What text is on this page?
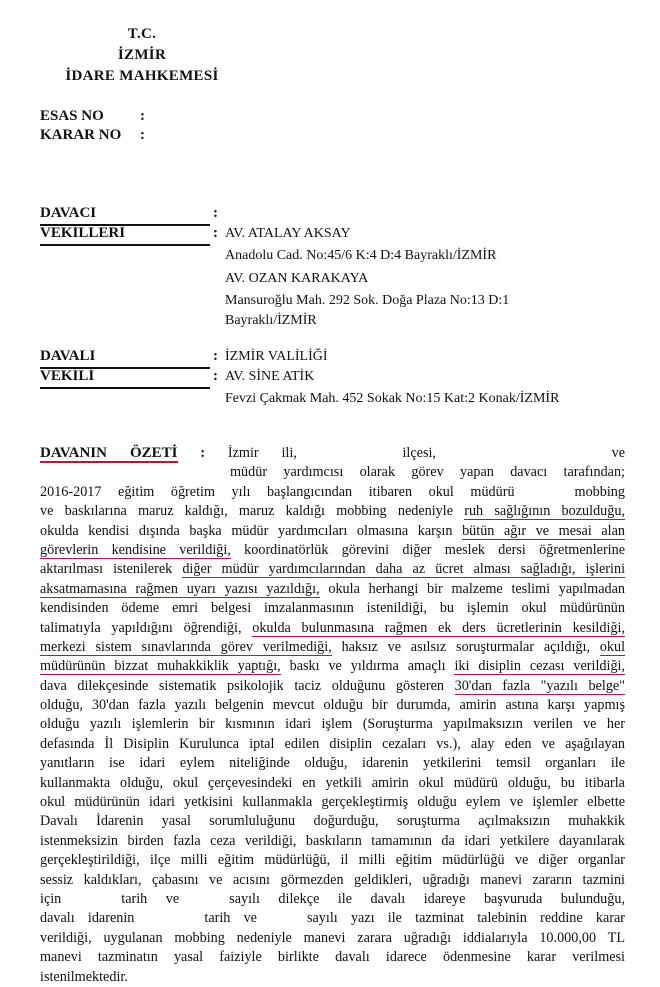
T.C.
İZMİR
İDARE MAHKEMESİ
ESAS NO :
KARAR NO :
DAVACI	:
VEKİLLERİ	: AV. ATALAY AKSAY
Anadolu Cad. No:45/6 K:4 D:4 Bayraklı/İZMİR
AV. OZAN KARAKAYA
Mansuroğlu Mah. 292 Sok. Doğa Plaza No:13 D:1
Bayraklı/İZMİR
DAVALI	: İZMİR VALİLİĞİ
VEKİLİ	: AV. SİNE ATİK
Fevzi Çakmak Mah. 452 Sokak No:15 Kat:2 Konak/İZMİR
DAVANIN ÖZETİ : İzmir ili,	ilçesi,	ve
müdür yardımcısı olarak görev yapan davacı tarafından;
2016-2017 eğitim öğretim yılı başlangıcından itibaren okul müdürü	mobbing
ve baskılarına maruz kaldığı, maruz kaldığı mobbing nedeniyle ruh sağlığının bozulduğu,
okulda kendisi dışında başka müdür yardımcıları olmasına karşın bütün ağır ve mesai alan
görevlerin kendisine verildiği, koordinatörlük görevini diğer meslek dersi öğretmenlerine
aktarılması istenilerek diğer müdür yardımcılarından daha az ücret alması sağladığı, işlerini
aksatmamasına rağmen uyarı yazısı yazıldığı, okula herhangi bir malzeme teslimi yapılmadan
kendisinden ödeme emri belgesi imzalanmasının istenildiği, bu işlemin okul müdürünün
talimatıyla yapıldığını öğrendiği, okulda bulunmasına rağmen ek ders ücretlerinin kesildiği,
merkezi sistem sınavlarında görev verilmediği, haksız ve asılsız soruşturmalar açıldığı, okul
müdürünün bizzat muhakkiklik yaptığı, baskı ve yıldırma amaçlı iki disiplin cezası verildiği,
dava dilekçesinde sistematik psikolojik taciz olduğunu gösteren 30'dan fazla "yazılı belge"
olduğu, 30'dan fazla yazılı belgenin mevcut olduğu bir durumda, amirin astına karşı yapmış
olduğu yazılı işlemlerin bir kısmının idari işlem (Soruşturma yapılmaksızın verilen ve her
defasında İl Disiplin Kurulunca iptal edilen disiplin cezaları vs.), alay eden ve aşağılayan
yanıtların ise idari eylem niteliğinde olduğu, idarenin yetkilerini temsil organları ile
kullanmakta olduğu, okul çerçevesindeki en yetkili amirin okul müdürü olduğu, bu itibarla
okul müdürünün idari yetkisini kullanmakla gerçekleştirmiş olduğu eylem ve işlemler elbette
Davalı İdarenin yasal sorumluluğunu doğurduğu, soruşturma açılmaksızın muhakkik
istenmeksizin birden fazla ceza verildiği, baskıların tamamının da idari yetkilere dayanılarak
gerçekleştirildiği, ilçe milli eğitim müdürlüğü, il milli eğitim müdürlüğü ve diğer organlar
sessiz kaldıkları, çabasını ve acısını görmezden geldikleri, uğradığı manevi zararın tazmini
için	tarih ve	sayılı dilekçe ile davalı idareye başvuruda bulunduğu,
davalı idarenin	tarih ve	sayılı yazı ile tazminat talebinin reddine karar
verildiği, uygulanan mobbing nedeniyle manevi zarara uğradığı iddialarıyla 10.000,00 TL
manevi tazminatın yasal faiziyle birlikte davalı idarece ödenmesine karar verilmesi
istenilmektedir.
